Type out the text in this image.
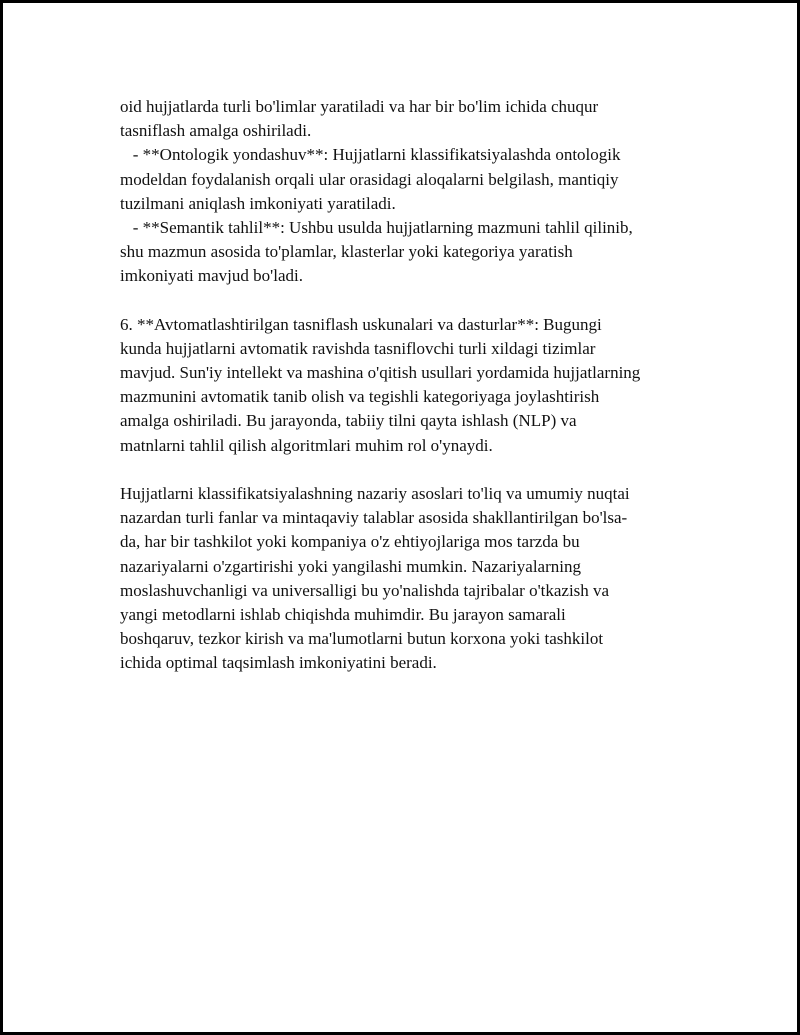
oid hujjatlarda turli bo'limlar yaratiladi va har bir bo'lim ichida chuqur
tasniflash amalga oshiriladi.
- **Ontologik yondashuv**: Hujjatlarni klassifikatsiyalashda ontologik
modeldan foydalanish orqali ular orasidagi aloqalarni belgilash, mantiqiy
tuzilmani aniqlash imkoniyati yaratiladi.
- **Semantik tahlil**: Ushbu usulda hujjatlarning mazmuni tahlil qilinib,
shu mazmun asosida to'plamlar, klasterlar yoki kategoriya yaratish
imkoniyati mavjud bo'ladi.
6. **Avtomatlashtirilgan tasniflash uskunalari va dasturlar**: Bugungi
kunda hujjatlarni avtomatik ravishda tasniflovchi turli xildagi tizimlar
mavjud. Sun'iy intellekt va mashina o'qitish usullari yordamida hujjatlarning
mazmunini avtomatik tanib olish va tegishli kategoriyaga joylashtirish
amalga oshiriladi. Bu jarayonda, tabiiy tilni qayta ishlash (NLP) va
matnlarni tahlil qilish algoritmlari muhim rol o'ynaydi.
Hujjatlarni klassifikatsiyalashning nazariy asoslari to'liq va umumiy nuqtai
nazardan turli fanlar va mintaqaviy talablar asosida shakllantirilgan bo'lsa-
da, har bir tashkilot yoki kompaniya o'z ehtiyojlariga mos tarzda bu
nazariyalarni o'zgartirishi yoki yangilashi mumkin. Nazariyalarning
moslashuvchanligi va universalligi bu yo'nalishda tajribalar o'tkazish va
yangi metodlarni ishlab chiqishda muhimdir. Bu jarayon samarali
boshqaruv, tezkor kirish va ma'lumotlarni butun korxona yoki tashkilot
ichida optimal taqsimlash imkoniyatini beradi.
